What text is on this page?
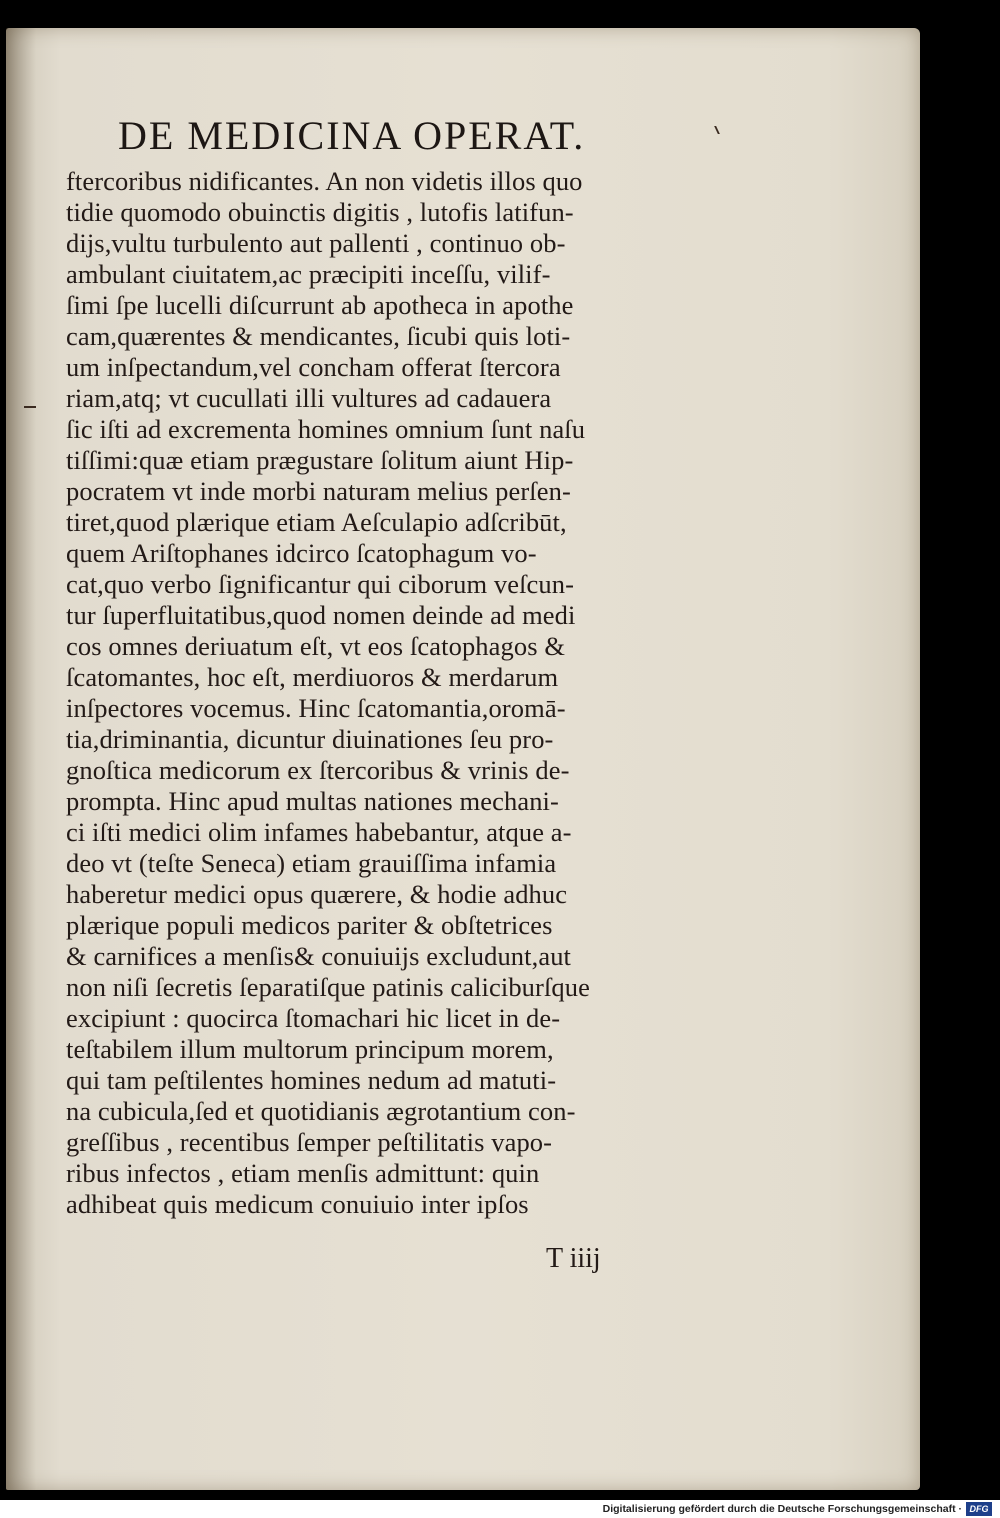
DE MEDICINA OPERAT.
ftercoribus nidificantes. An non videtis illos quo
tidie quomodo obuinctis digitis , lutofis latifun-
dijs,vultu turbulento aut pallenti , continuo ob-
ambulant ciuitatem,ac præcipiti inceſſu, vilif-
ſimi ſpe lucelli diſcurrunt ab apotheca in apothe
cam,quærentes & mendicantes, ſicubi quis loti-
um inſpectandum,vel concham offerat ſtercora
riam,atq; vt cucullati illi vultures ad cadauera
ſic iſti ad excrementa homines omnium ſunt naſu
tiſſimi:quæ etiam prægustare ſolitum aiunt Hip-
pocratem vt inde morbi naturam melius perſen-
tiret,quod plærique etiam Aeſculapio adſcribūt,
quem Ariſtophanes idcirco ſcatophagum vo-
cat,quo verbo ſignificantur qui ciborum veſcun-
tur ſuperfluitatibus,quod nomen deinde ad medi
cos omnes deriuatum eſt, vt eos ſcatophagos &
ſcatomantes, hoc eſt, merdiuoros & merdarum
inſpectores vocemus. Hinc ſcatomantia,oromā-
tia,driminantia, dicuntur diuinationes ſeu pro-
gnoſtica medicorum ex ſtercoribus & vrinis de-
prompta. Hinc apud multas nationes mechani-
ci iſti medici olim infames habebantur, atque a-
deo vt (teſte Seneca) etiam grauiſſima infamia
haberetur medici opus quærere, & hodie adhuc
plærique populi medicos pariter & obſtetrices
& carnifices a menſis& conuiuijs excludunt,aut
non niſi ſecretis ſeparatiſque patinis caliciburſque
excipiunt : quocirca ſtomachari hic licet in de-
teſtabilem illum multorum principum morem,
qui tam peſtilentes homines nedum ad matuti-
na cubicula,ſed et quotidianis ægrotantium con-
greſſibus , recentibus ſemper peſtilitatis vapo-
ribus infectos , etiam menſis admittunt: quin
adhibeat quis medicum conuiuio inter ipſos
T iiij
Digitalisierung gefördert durch die Deutsche Forschungsgemeinschaft · DFG
